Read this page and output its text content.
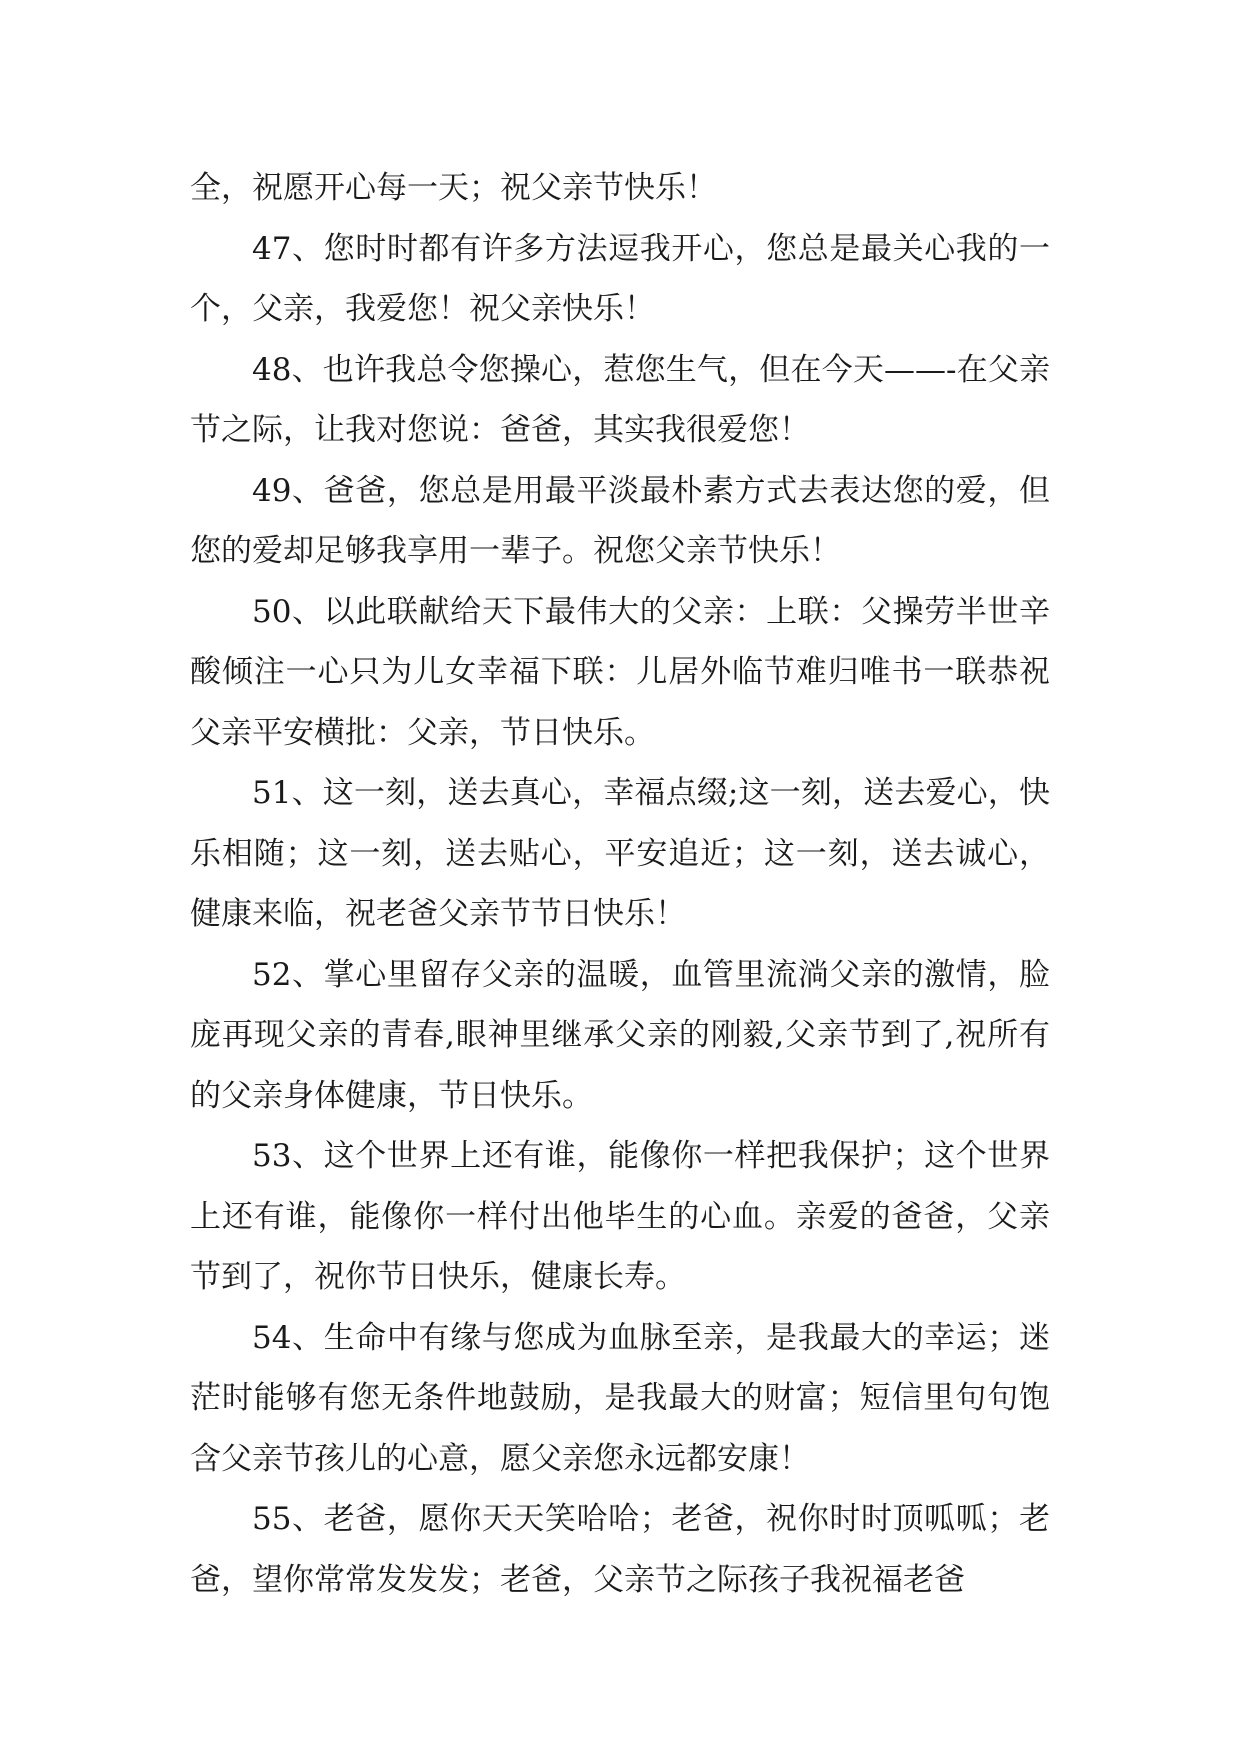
全，祝愿开心每一天；祝父亲节快乐！

47、您时时都有许多方法逗我开心，您总是最关心我的一个，父亲，我爱您！祝父亲快乐！

48、也许我总令您操心，惹您生气，但在今天——-在父亲节之际，让我对您说：爸爸，其实我很爱您！

49、爸爸，您总是用最平淡最朴素方式去表达您的爱，但您的爱却足够我享用一辈子。祝您父亲节快乐！

50、以此联献给天下最伟大的父亲：上联：父操劳半世辛酸倾注一心只为儿女幸福下联：儿居外临节难归唯书一联恭祝父亲平安横批：父亲，节日快乐。

51、这一刻，送去真心，幸福点缀;这一刻，送去爱心，快乐相随；这一刻，送去贴心，平安追近；这一刻，送去诚心，健康来临，祝老爸父亲节节日快乐！

52、掌心里留存父亲的温暖，血管里流淌父亲的激情，脸庞再现父亲的青春,眼神里继承父亲的刚毅,父亲节到了,祝所有的父亲身体健康，节日快乐。

53、这个世界上还有谁，能像你一样把我保护；这个世界上还有谁，能像你一样付出他毕生的心血。亲爱的爸爸，父亲节到了，祝你节日快乐，健康长寿。

54、生命中有缘与您成为血脉至亲，是我最大的幸运；迷茫时能够有您无条件地鼓励，是我最大的财富；短信里句句饱含父亲节孩儿的心意，愿父亲您永远都安康！

55、老爸，愿你天天笑哈哈；老爸，祝你时时顶呱呱；老爸，望你常常发发发；老爸，父亲节之际孩子我祝福老爸
